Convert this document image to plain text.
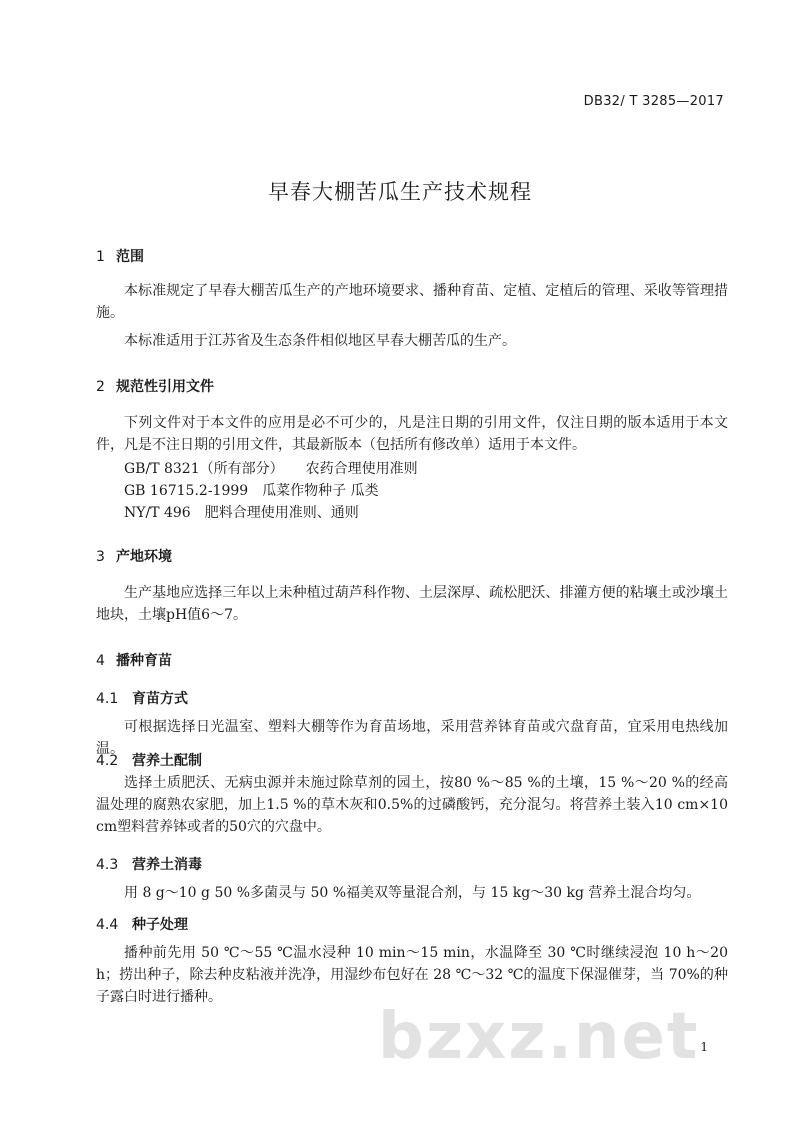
DB32/ T 3285—2017
早春大棚苦瓜生产技术规程
1 范围

本标准规定了早春大棚苦瓜生产的产地环境要求、播种育苗、定植、定植后的管理、采收等管理措施。

本标准适用于江苏省及生态条件相似地区早春大棚苦瓜的生产。

2 规范性引用文件

下列文件对于本文件的应用是必不可少的，凡是注日期的引用文件，仅注日期的版本适用于本文件，凡是不注日期的引用文件，其最新版本（包括所有修改单）适用于本文件。

GB/T 8321（所有部分） 农药合理使用准则
GB 16715.2-1999 瓜菜作物种子 瓜类
NY/T 496 肥料合理使用准则、通则
3 产地环境

生产基地应选择三年以上未种植过葫芦科作物、土层深厚、疏松肥沃、排灌方便的粘壤土或沙壤土地块，土壤pH值6～7。

4 播种育苗
4.1 育苗方式

可根据选择日光温室、塑料大棚等作为育苗场地，采用营养钵育苗或穴盘育苗，宜采用电热线加温。

4.2 营养土配制

选择土质肥沃、无病虫源并未施过除草剂的园土，按80 %～85 %的土壤，15 %～20 %的经高温处理的腐熟农家肥，加上1.5 %的草木灰和0.5%的过磷酸钙，充分混匀。将营养土装入10 cm×10 cm塑料营养钵或者的50穴的穴盘中。

4.3 营养土消毒

用 8 g～10 g 50 %多菌灵与 50 %福美双等量混合剂，与 15 kg～30 kg 营养土混合均匀。

4.4 种子处理

播种前先用 50 ℃～55 ℃温水浸种 10 min～15 min，水温降至 30 ℃时继续浸泡 10 h～20 h；捞出种子，除去种皮粘液并洗净，用湿纱布包好在 28 ℃～32 ℃的温度下保湿催芽，当 70%的种子露白时进行播种。

bzxz.net 1
